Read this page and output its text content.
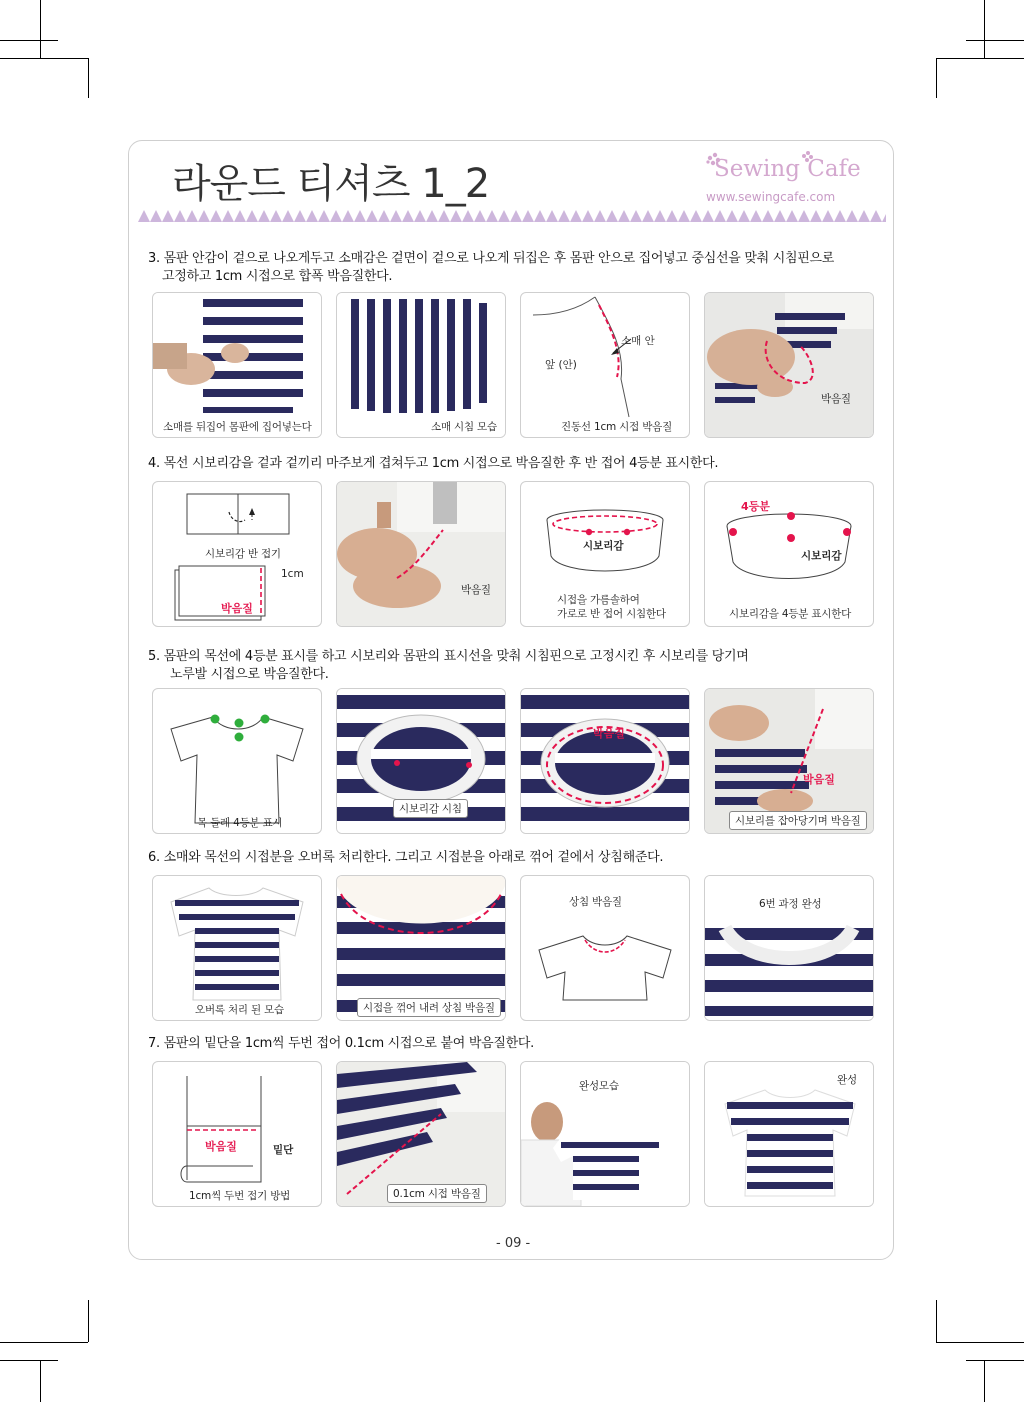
라운드 티셔츠 1_2	Sewing Cafe
www.sewingcafe.com
3. 몸판 안감이 겉으로 나오게두고 소매감은 겉면이 겉으로 나오게 뒤집은 후 몸판 안으로 집어넣고 중심선을 맞춰 시침핀으로
고정하고 1cm 시접으로 합폭 박음질한다.
소매를 뒤집어 몸판에 집어넣는다	소매 시침 모습
소매 안
앞 (안)
진동선 1cm 시접 박음질
박음질
4. 목선 시보리감을 겉과 겉끼리 마주보게 겹쳐두고 1cm 시접으로 박음질한 후 반 접어 4등분 표시한다.
시보리감 반 접기
1cm
박음질
박음질
시보리감
시접을 가름솔하여
가로로 반 접어 시침한다
4등분
시보리감
시보리감을 4등분 표시한다
5. 몸판의 목선에 4등분 표시를 하고 시보리와 몸판의 표시선을 맞춰 시침핀으로 고정시킨 후 시보리를 당기며
노루발 시접으로 박음질한다.
목 둘레 4등분 표시
시보리감 시침
박음질
박음질
시보리를 잡아당기며 박음질
6. 소매와 목선의 시접분을 오버록 처리한다. 그리고 시접분을 아래로 꺾어 겉에서 상침해준다.
오버록 처리 된 모습	시접을 꺾어 내려 상침 박음질
상침 박음질	6번 과정 완성
7. 몸판의 밑단을 1cm씩 두번 접어 0.1cm 시접으로 붙여 박음질한다.
박음질	밑단
1cm씩 두번 접기 방법	0.1cm 시접 박음질
완성모습	완성
- 09 -
